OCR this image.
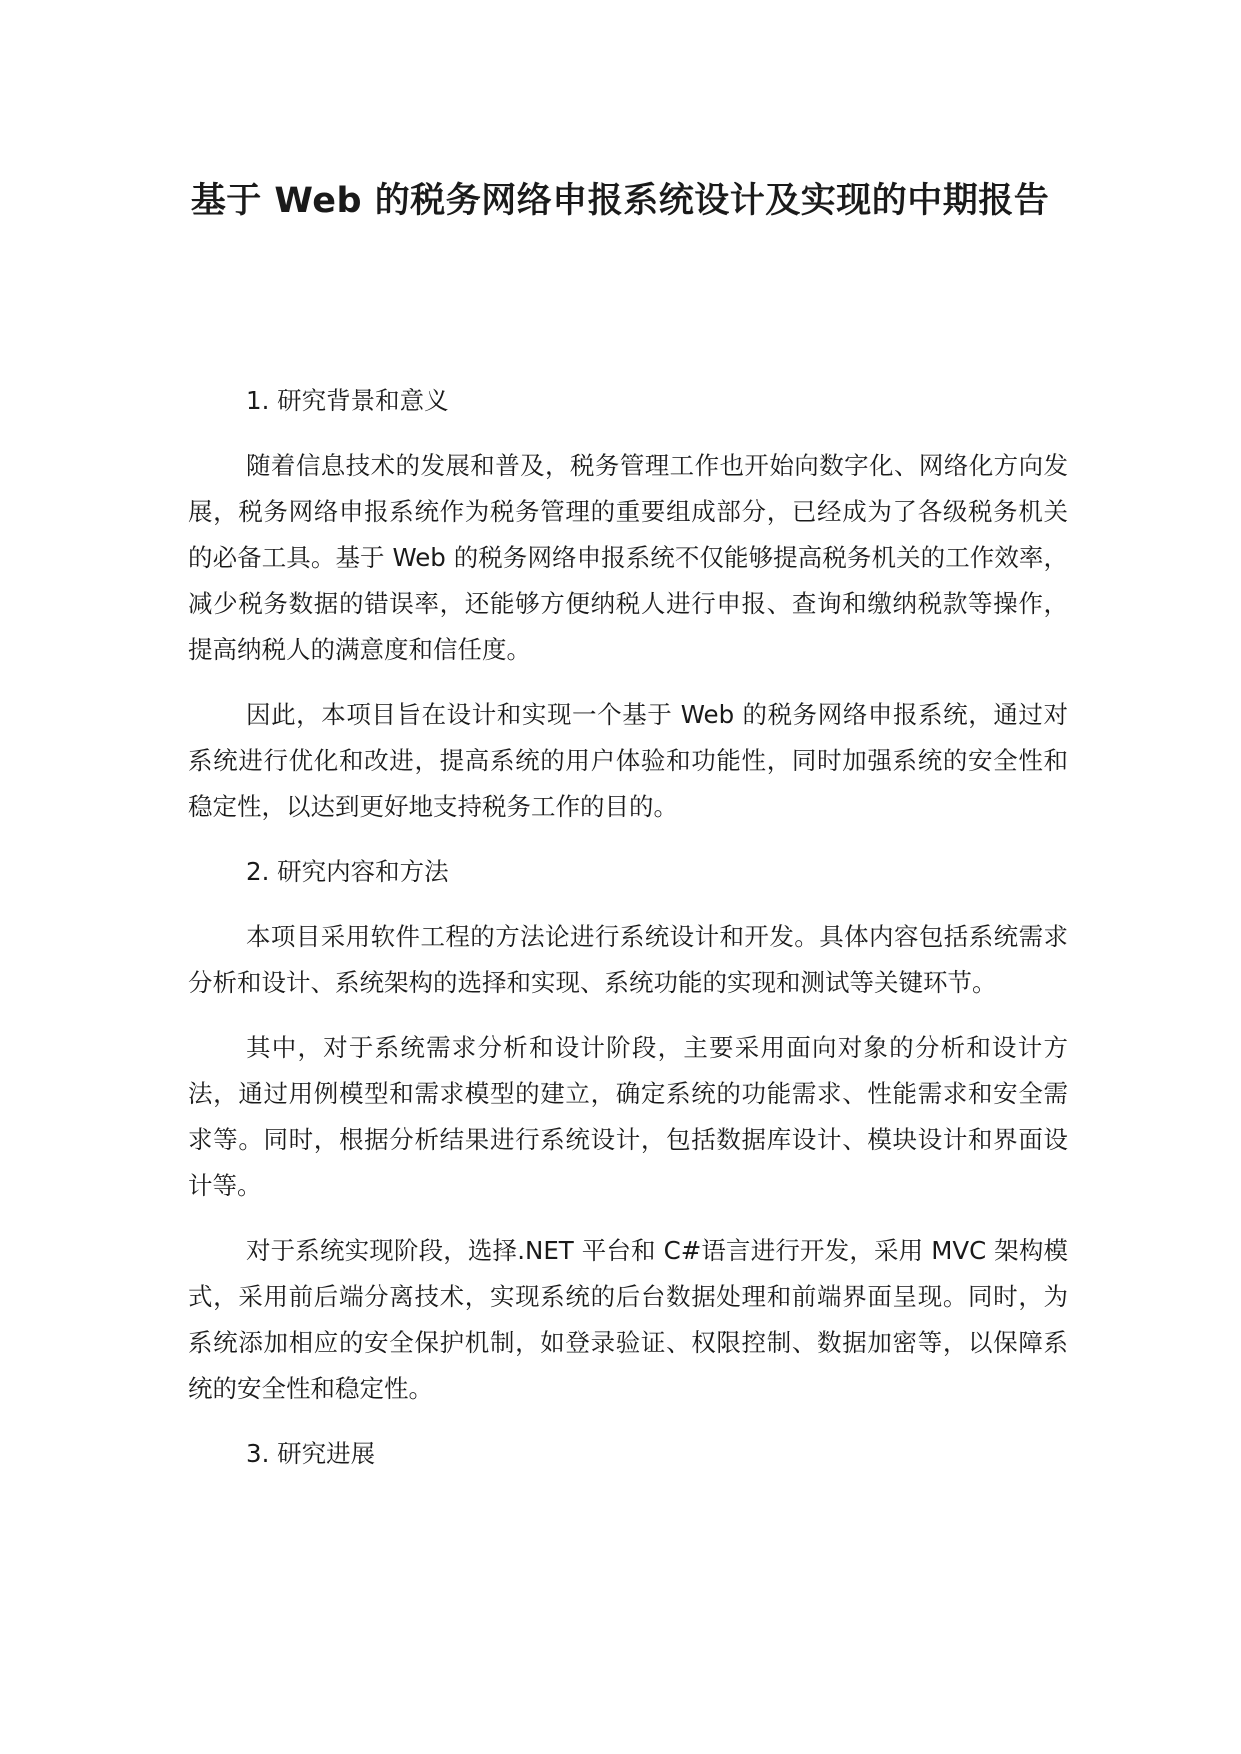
基于 Web 的税务网络申报系统设计及实现的中期报告

1. 研究背景和意义

随着信息技术的发展和普及，税务管理工作也开始向数字化、网络化方向发展，税务网络申报系统作为税务管理的重要组成部分，已经成为了各级税务机关的必备工具。基于 Web 的税务网络申报系统不仅能够提高税务机关的工作效率，减少税务数据的错误率，还能够方便纳税人进行申报、查询和缴纳税款等操作，提高纳税人的满意度和信任度。

因此，本项目旨在设计和实现一个基于 Web 的税务网络申报系统，通过对系统进行优化和改进，提高系统的用户体验和功能性，同时加强系统的安全性和稳定性，以达到更好地支持税务工作的目的。

2. 研究内容和方法

本项目采用软件工程的方法论进行系统设计和开发。具体内容包括系统需求分析和设计、系统架构的选择和实现、系统功能的实现和测试等关键环节。

其中，对于系统需求分析和设计阶段，主要采用面向对象的分析和设计方法，通过用例模型和需求模型的建立，确定系统的功能需求、性能需求和安全需求等。同时，根据分析结果进行系统设计，包括数据库设计、模块设计和界面设计等。

对于系统实现阶段，选择.NET 平台和 C#语言进行开发，采用 MVC 架构模式，采用前后端分离技术，实现系统的后台数据处理和前端界面呈现。同时，为系统添加相应的安全保护机制，如登录验证、权限控制、数据加密等，以保障系统的安全性和稳定性。

3. 研究进展
